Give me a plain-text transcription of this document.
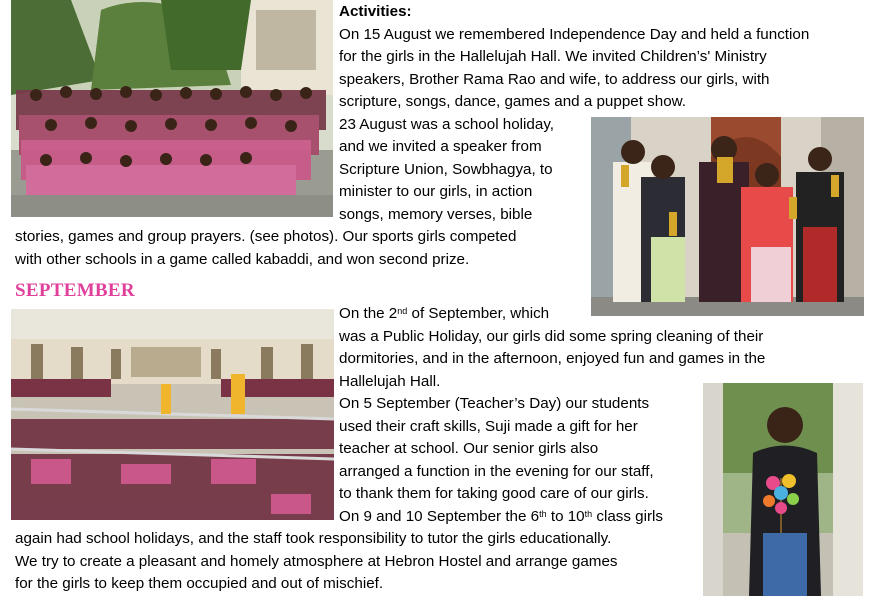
Activities:
On 15 August we remembered Independence Day and held a function
for the girls in the Hallelujah Hall. We invited Children’s' Ministry
speakers, Brother Rama Rao and wife, to address our girls, with
scripture, songs, dance, games and a puppet show.
23 August was a school holiday,
and we invited a speaker from
Scripture Union, Sowbhagya, to
minister to our girls, in action
songs, memory verses, bible
stories, games and group prayers. (see photos). Our sports girls competed
with other schools in a game called kabaddi, and won second prize.
SEPTEMBER
On the 2nd of September, which
was a Public Holiday, our girls did some spring cleaning of their
dormitories, and in the afternoon, enjoyed fun and games in the
Hallelujah Hall.
On 5 September (Teacher’s Day) our students
used their craft skills, Suji made a gift for her
teacher at school. Our senior girls also
arranged a function in the evening for our staff,
to thank them for taking good care of our girls.
On 9 and 10 September the 6th to 10th class girls
again had school holidays, and the staff took responsibility to tutor the girls educationally.
We try to create a pleasant and homely atmosphere at Hebron Hostel and arrange games
for the girls to keep them occupied and out of mischief.
